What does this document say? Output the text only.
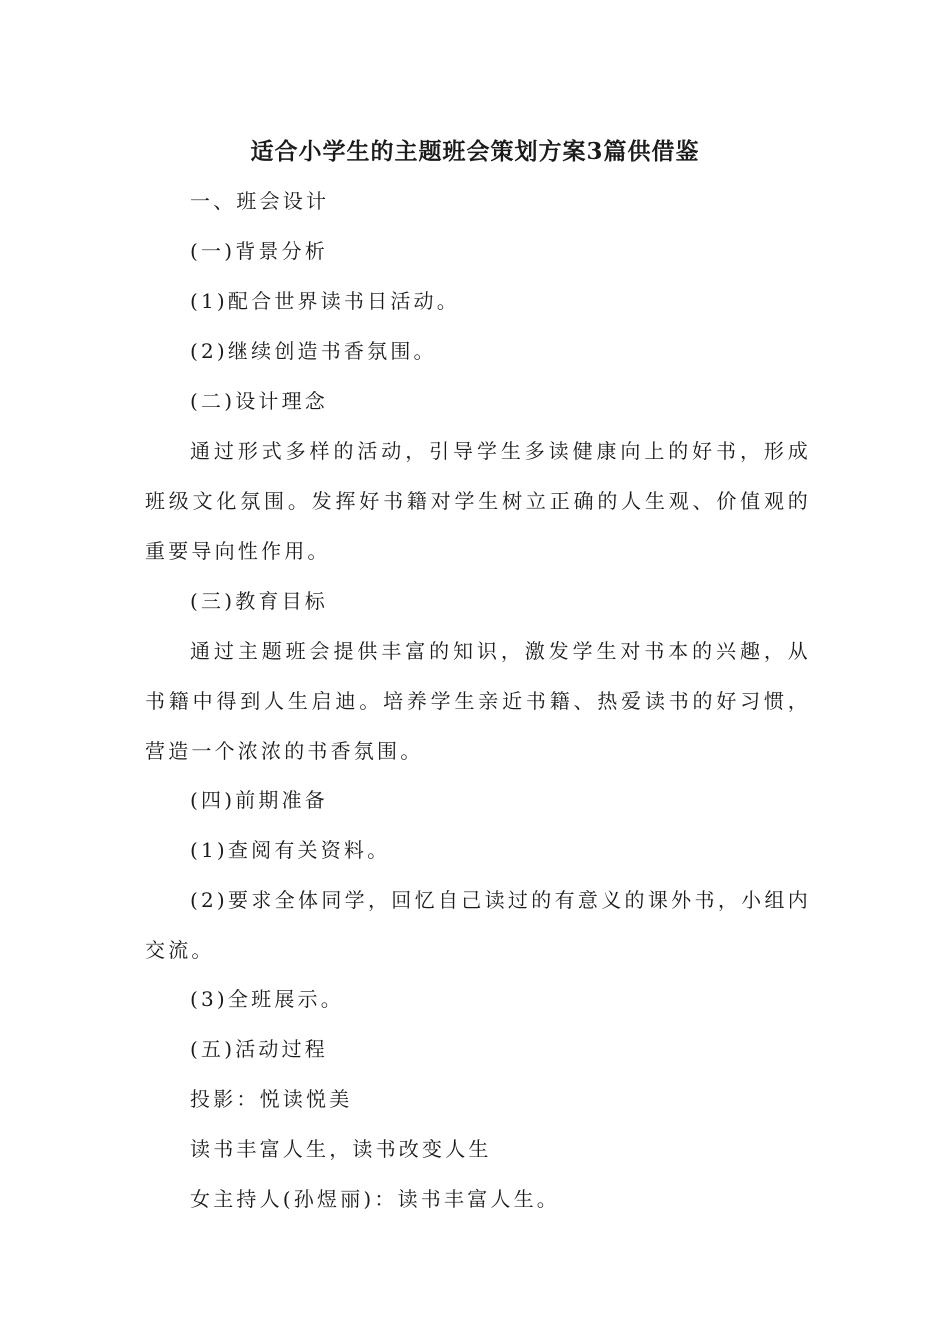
适合小学生的主题班会策划方案3篇供借鉴
一、班会设计
(一)背景分析
(1)配合世界读书日活动。
(2)继续创造书香氛围。
(二)设计理念
通过形式多样的活动，引导学生多读健康向上的好书，形成班级文化氛围。发挥好书籍对学生树立正确的人生观、价值观的重要导向性作用。
(三)教育目标
通过主题班会提供丰富的知识，激发学生对书本的兴趣，从书籍中得到人生启迪。培养学生亲近书籍、热爱读书的好习惯，营造一个浓浓的书香氛围。
(四)前期准备
(1)查阅有关资料。
(2)要求全体同学，回忆自己读过的有意义的课外书，小组内交流。
(3)全班展示。
(五)活动过程
投影：悦读悦美
读书丰富人生，读书改变人生
女主持人(孙煜丽)：读书丰富人生。
